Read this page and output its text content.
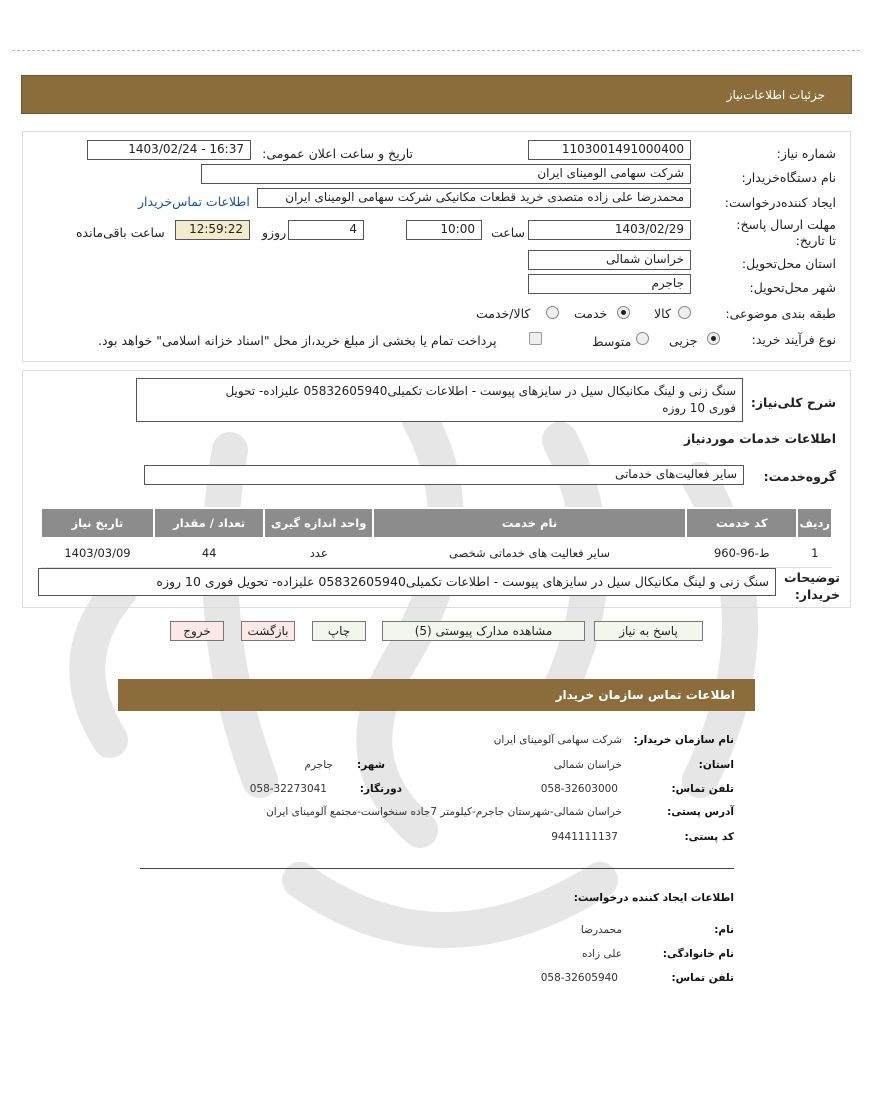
جزئیات اطلاعات‌نیاز
شماره نیاز:
1103001491000400
تاریخ و ساعت اعلان عمومی:
1403/02/24 - 16:37
نام دستگاه‌خریدار:
شرکت سهامی الومینای ایران
ایجاد کننده‌درخواست:
محمدرضا علی زاده متصدی خرید قطعات مکانیکی شرکت سهامی الومینای ایران
اطلاعات تماس‌خریدار
مهلت ارسال پاسخ: تا تاریخ:
1403/02/29
ساعت
10:00
4
روزو
12:59:22
ساعت باقی‌مانده
استان محل‌تحویل:
خراسان شمالی
شهر محل‌تحویل:
جاجرم
طبقه بندی موضوعی:
کالا
خدمت
کالا/خدمت
نوع فرآیند خرید:
جزیی
متوسط
پرداخت تمام یا بخشی از مبلغ خرید،از محل "اسناد خزانه اسلامی" خواهد بود.
شرح کلی‌نیاز:
سنگ زنی و لینگ مکانیکال سیل در سایزهای پیوست - اطلاعات تکمیلی05832605940 علیزاده- تحویل
فوری 10 روزه
اطلاعات خدمات موردنیاز
گروه‌خدمت:
سایر فعالیت‌های خدماتی
ردیف	کد خدمت	نام خدمت	واحد اندازه گیری	تعداد / مقدار	تاریخ نیاز
1	ط-96-960	سایر فعالیت های خدماتی شخصی	عدد	44	1403/03/09
توضیحات خریدار:
سنگ زنی و لینگ مکانیکال سیل در سایزهای پیوست - اطلاعات تکمیلی05832605940 علیزاده- تحویل فوری 10 روزه
پاسخ به نیاز
مشاهده مدارک پیوستی (5)
چاپ
بازگشت
خروج
اطلاعات تماس سازمان خریدار
نام سازمان خریدار:
شرکت سهامی آلومینای ایران
استان:
خراسان شمالی
شهر:
جاجرم
تلفن تماس:
058-32603000
دورنگار:
058-32273041
آدرس پستی:
خراسان شمالی-شهرستان جاجرم-کیلومتر 7جاده سنخواست-مجتمع آلومینای ایران
کد پستی:
9441111137
اطلاعات ایجاد کننده درخواست:
نام:
محمدرضا
نام خانوادگی:
علی زاده
تلفن تماس:
058-32605940
